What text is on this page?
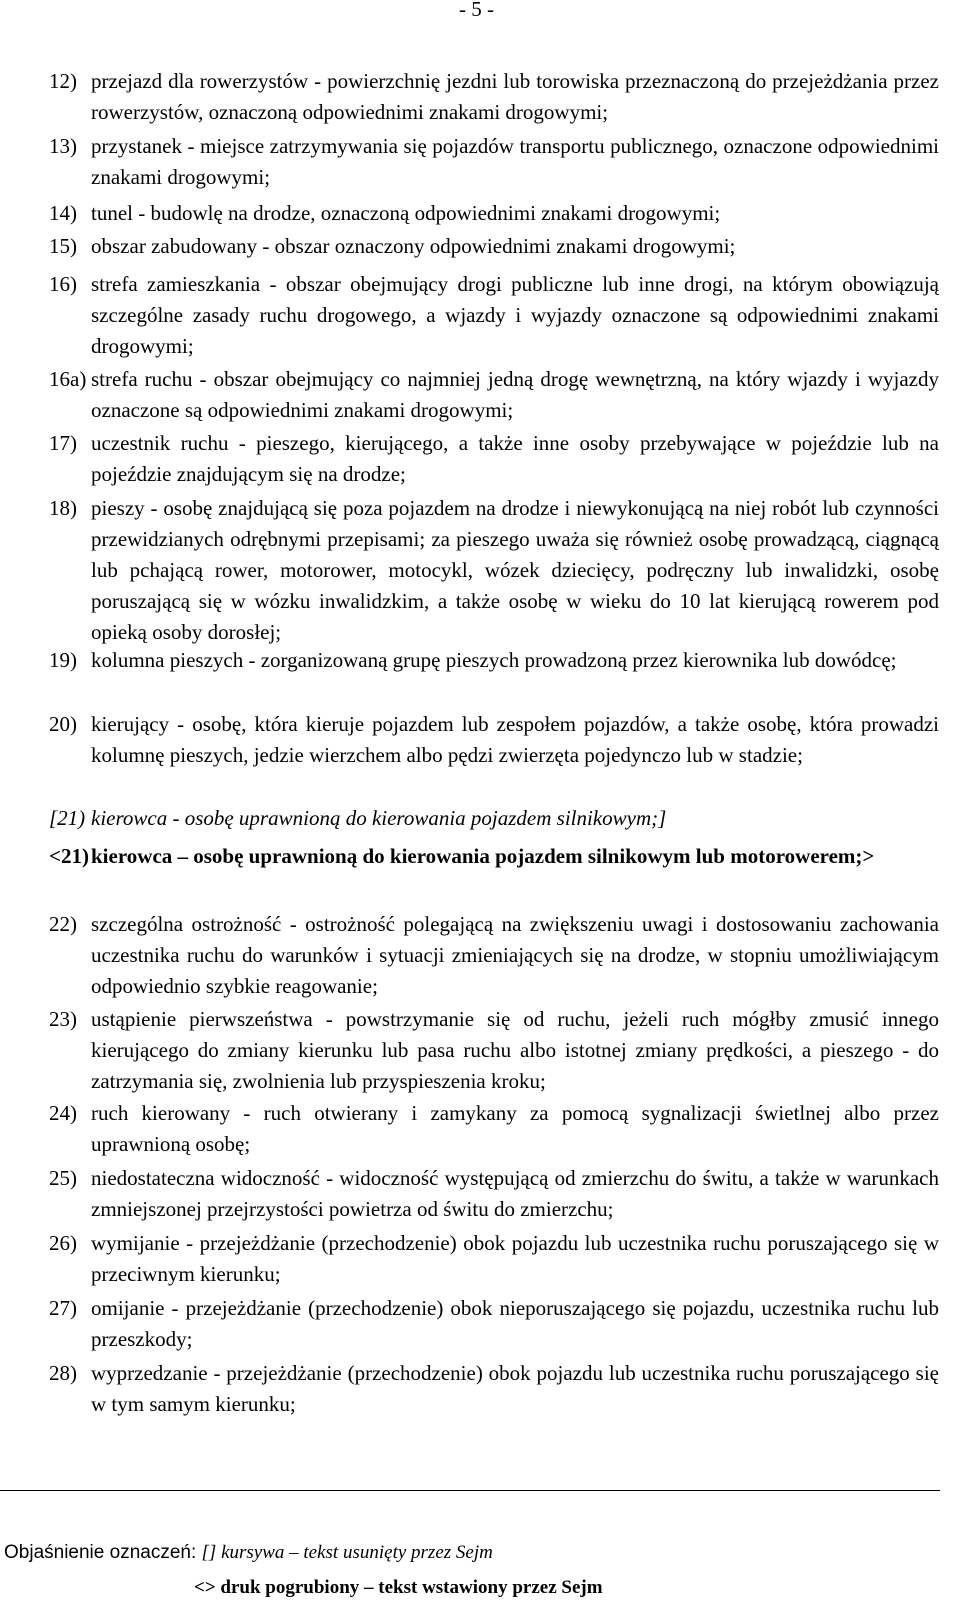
- 5 -
12) przejazd dla rowerzystów - powierzchnię jezdni lub torowiska przeznaczoną do przejeżdżania przez rowerzystów, oznaczoną odpowiednimi znakami drogowymi;
13) przystanek - miejsce zatrzymywania się pojazdów transportu publicznego, oznaczone odpowiednimi znakami drogowymi;
14) tunel - budowlę na drodze, oznaczoną odpowiednimi znakami drogowymi;
15) obszar zabudowany - obszar oznaczony odpowiednimi znakami drogowymi;
16) strefa zamieszkania - obszar obejmujący drogi publiczne lub inne drogi, na którym obowiązują szczególne zasady ruchu drogowego, a wjazdy i wyjazdy oznaczone są odpowiednimi znakami drogowymi;
16a) strefa ruchu - obszar obejmujący co najmniej jedną drogę wewnętrzną, na który wjazdy i wyjazdy oznaczone są odpowiednimi znakami drogowymi;
17) uczestnik ruchu - pieszego, kierującego, a także inne osoby przebywające w pojeździe lub na pojeździe znajdującym się na drodze;
18) pieszy - osobę znajdującą się poza pojazdem na drodze i niewykonującą na niej robót lub czynności przewidzianych odrębnymi przepisami; za pieszego uważa się również osobę prowadzącą, ciągnącą lub pchającą rower, motorower, motocykl, wózek dziecięcy, podręczny lub inwalidzki, osobę poruszającą się w wózku inwalidzkim, a także osobę w wieku do 10 lat kierującą rowerem pod opieką osoby dorosłej;
19) kolumna pieszych - zorganizowaną grupę pieszych prowadzoną przez kierownika lub dowódcę;
20) kierujący - osobę, która kieruje pojazdem lub zespołem pojazdów, a także osobę, która prowadzi kolumnę pieszych, jedzie wierzchem albo pędzi zwierzęta pojedynczo lub w stadzie;
[21) kierowca - osobę uprawnioną do kierowania pojazdem silnikowym;]
<21) kierowca – osobę uprawnioną do kierowania pojazdem silnikowym lub motorowerem;>
22) szczególna ostrożność - ostrożność polegającą na zwiększeniu uwagi i dostosowaniu zachowania uczestnika ruchu do warunków i sytuacji zmieniających się na drodze, w stopniu umożliwiającym odpowiednio szybkie reagowanie;
23) ustąpienie pierwszeństwa - powstrzymanie się od ruchu, jeżeli ruch mógłby zmusić innego kierującego do zmiany kierunku lub pasa ruchu albo istotnej zmiany prędkości, a pieszego - do zatrzymania się, zwolnienia lub przyspieszenia kroku;
24) ruch kierowany - ruch otwierany i zamykany za pomocą sygnalizacji świetlnej albo przez uprawnioną osobę;
25) niedostateczna widoczność - widoczność występującą od zmierzchu do świtu, a także w warunkach zmniejszonej przejrzystości powietrza od świtu do zmierzchu;
26) wymijanie - przejeżdżanie (przechodzenie) obok pojazdu lub uczestnika ruchu poruszającego się w przeciwnym kierunku;
27) omijanie - przejeżdżanie (przechodzenie) obok nieporuszającego się pojazdu, uczestnika ruchu lub przeszkody;
28) wyprzedzanie - przejeżdżanie (przechodzenie) obok pojazdu lub uczestnika ruchu poruszającego się w tym samym kierunku;
Objaśnienie oznaczeń: [] kursywa – tekst usunięty przez Sejm
<> druk pogrubiony – tekst wstawiony przez Sejm
